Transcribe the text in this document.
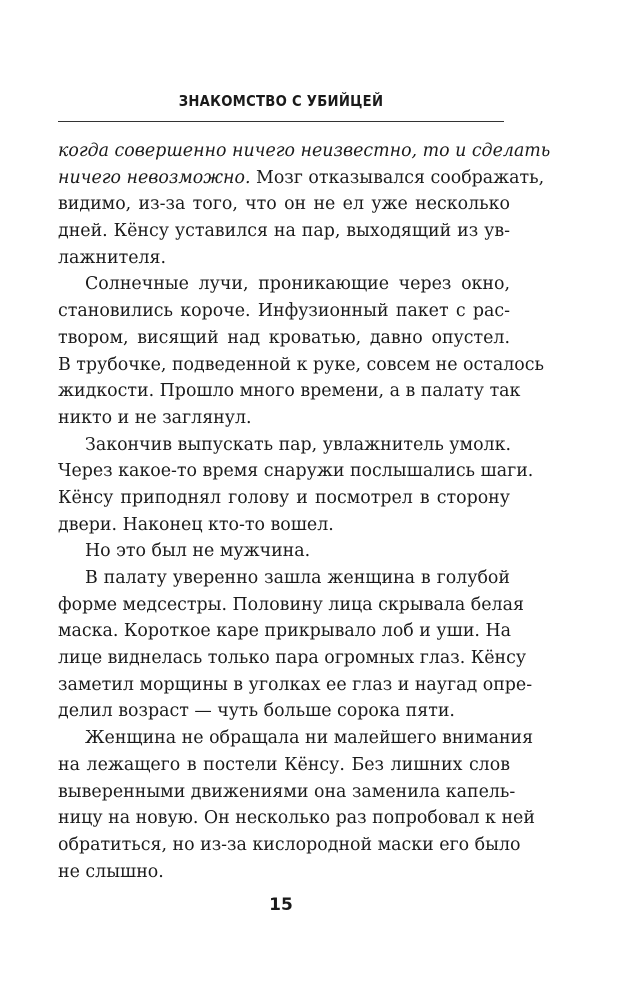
ЗНАКОМСТВО С УБИЙЦЕЙ
когда совершенно ничего неизвестно, то и сделать
ничего невозможно. Мозг отказывался соображать,
видимо, из-за того, что он не ел уже несколько
дней. Кёнсу уставился на пар, выходящий из ув-
лажнителя.
Солнечные лучи, проникающие через окно,
становились короче. Инфузионный пакет с рас-
твором, висящий над кроватью, давно опустел.
В трубочке, подведенной к руке, совсем не осталось
жидкости. Прошло много времени, а в палату так
никто и не заглянул.
Закончив выпускать пар, увлажнитель умолк.
Через какое-то время снаружи послышались шаги.
Кёнсу приподнял голову и посмотрел в сторону
двери. Наконец кто-то вошел.
Но это был не мужчина.
В палату уверенно зашла женщина в голубой
форме медсестры. Половину лица скрывала белая
маска. Короткое каре прикрывало лоб и уши. На
лице виднелась только пара огромных глаз. Кёнсу
заметил морщины в уголках ее глаз и наугад опре-
делил возраст — чуть больше сорока пяти.
Женщина не обращала ни малейшего внимания
на лежащего в постели Кёнсу. Без лишних слов
выверенными движениями она заменила капель-
ницу на новую. Он несколько раз попробовал к ней
обратиться, но из-за кислородной маски его было
не слышно.
15
